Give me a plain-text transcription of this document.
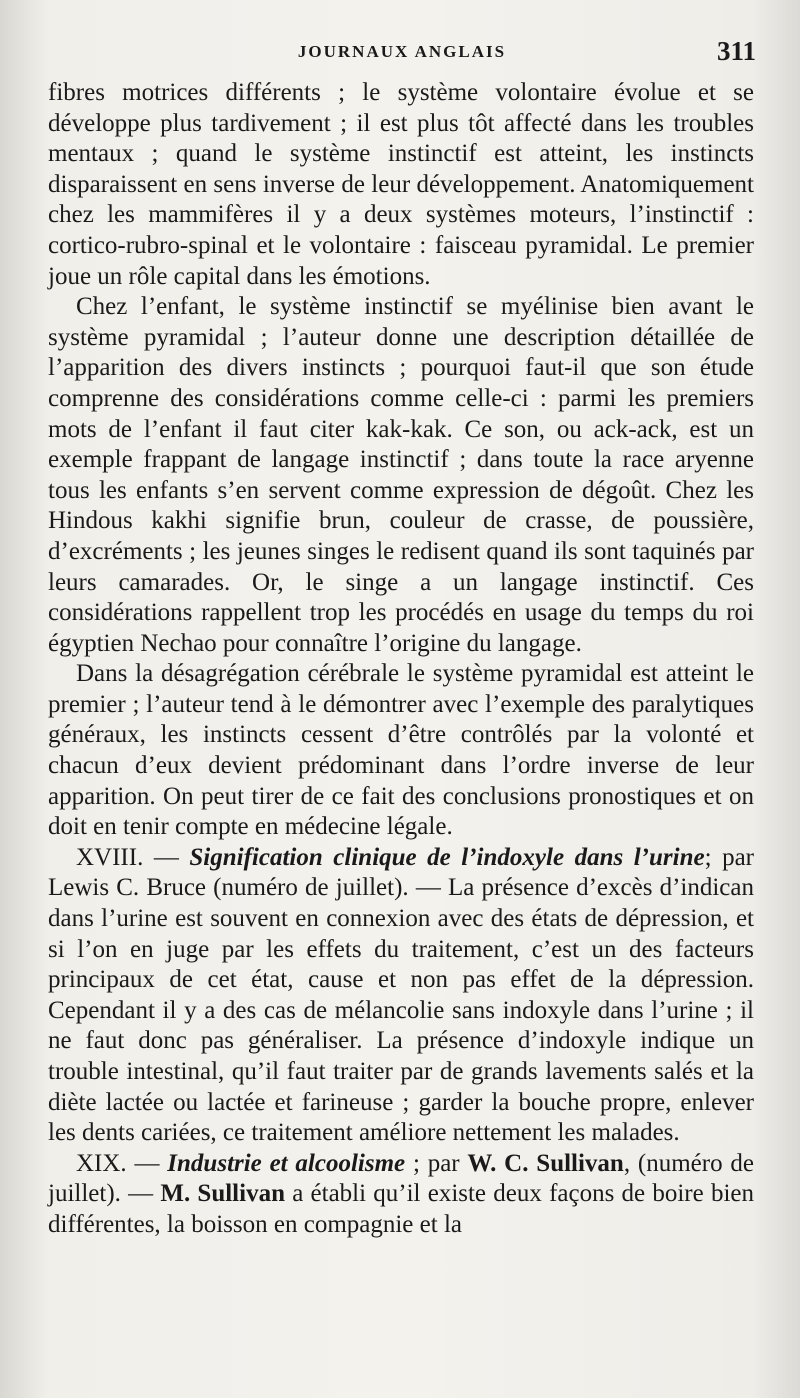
JOURNAUX ANGLAIS	311

fibres motrices différents ; le système volontaire évolue et se développe plus tardivement ; il est plus tôt affecté dans les troubles mentaux ; quand le système instinctif est atteint, les instincts disparaissent en sens inverse de leur développement. Anatomiquement chez les mammifères il y a deux systèmes moteurs, l’instinctif : cortico-rubro-spinal et le volontaire : faisceau pyramidal. Le premier joue un rôle capital dans les émotions.

Chez l’enfant, le système instinctif se myélinise bien avant le système pyramidal ; l’auteur donne une description détaillée de l’apparition des divers instincts ; pourquoi faut-il que son étude comprenne des considérations comme celle-ci : parmi les premiers mots de l’enfant il faut citer kak-kak. Ce son, ou ack-ack, est un exemple frappant de langage instinctif ; dans toute la race aryenne tous les enfants s’en servent comme expression de dégoût. Chez les Hindous kakhi signifie brun, couleur de crasse, de poussière, d’excréments ; les jeunes singes le redisent quand ils sont taquinés par leurs camarades. Or, le singe a un langage instinctif. Ces considérations rappellent trop les procédés en usage du temps du roi égyptien Nechao pour connaître l’origine du langage.

Dans la désagrégation cérébrale le système pyramidal est atteint le premier ; l’auteur tend à le démontrer avec l’exemple des paralytiques généraux, les instincts cessent d’être contrôlés par la volonté et chacun d’eux devient prédominant dans l’ordre inverse de leur apparition. On peut tirer de ce fait des conclusions pronostiques et on doit en tenir compte en médecine légale.

XVIII. — Signification clinique de l’indoxyle dans l’urine; par Lewis C. Bruce (numéro de juillet). — La présence d’excès d’indican dans l’urine est souvent en connexion avec des états de dépression, et si l’on en juge par les effets du traitement, c’est un des facteurs principaux de cet état, cause et non pas effet de la dépression. Cependant il y a des cas de mélancolie sans indoxyle dans l’urine ; il ne faut donc pas généraliser. La présence d’indoxyle indique un trouble intestinal, qu’il faut traiter par de grands lavements salés et la diète lactée ou lactée et farineuse ; garder la bouche propre, enlever les dents cariées, ce traitement améliore nettement les malades.

XIX. — Industrie et alcoolisme ; par W. C. Sullivan, (numéro de juillet). — M. Sullivan a établi qu’il existe deux façons de boire bien différentes, la boisson en compagnie et la
